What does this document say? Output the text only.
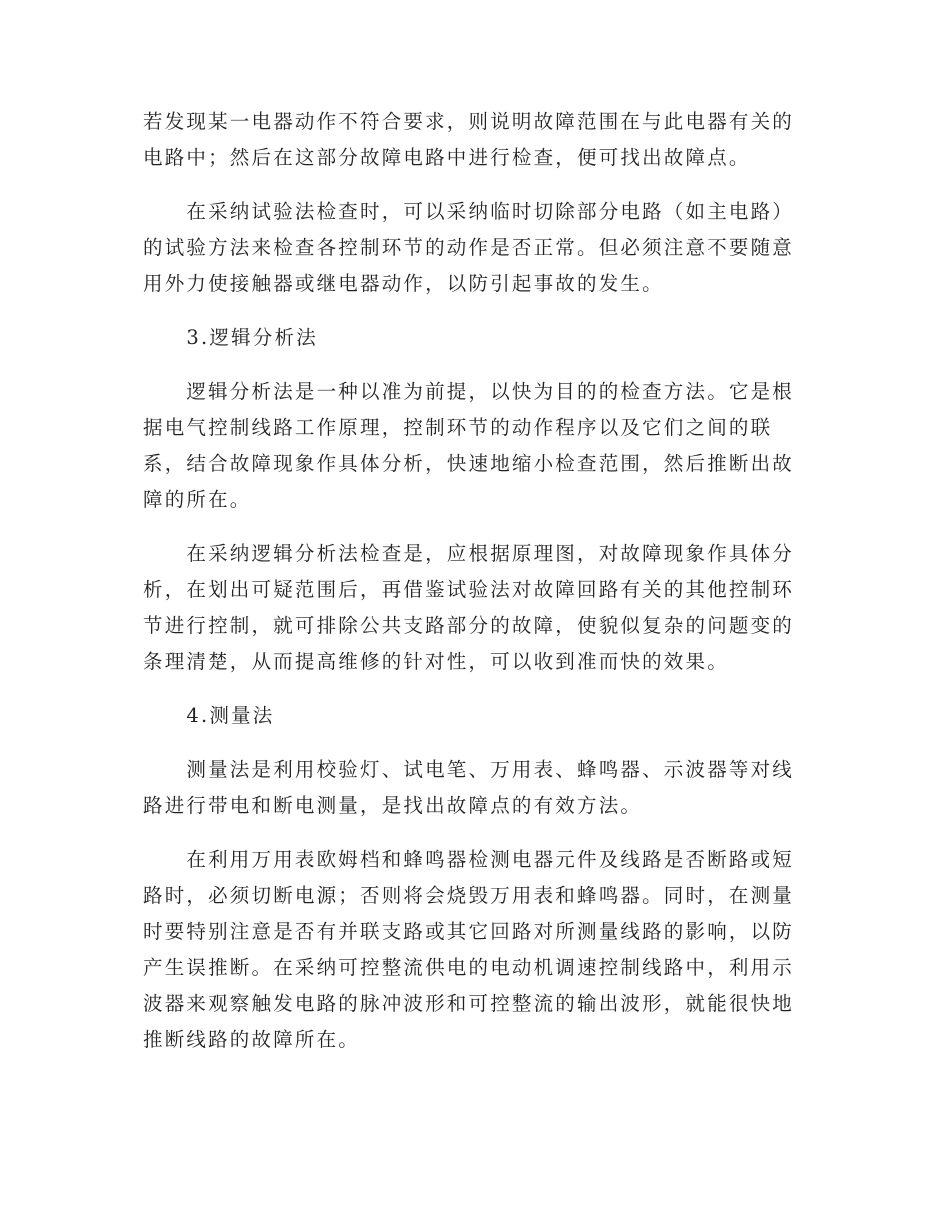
若发现某一电器动作不符合要求，则说明故障范围在与此电器有关的
电路中；然后在这部分故障电路中进行检查，便可找出故障点。

　　在采纳试验法检查时，可以采纳临时切除部分电路（如主电路）
的试验方法来检查各控制环节的动作是否正常。但必须注意不要随意
用外力使接触器或继电器动作，以防引起事故的发生。

　　3.逻辑分析法

　　逻辑分析法是一种以准为前提，以快为目的的检查方法。它是根
据电气控制线路工作原理，控制环节的动作程序以及它们之间的联
系，结合故障现象作具体分析，快速地缩小检查范围，然后推断出故
障的所在。

　　在采纳逻辑分析法检查是，应根据原理图，对故障现象作具体分
析，在划出可疑范围后，再借鉴试验法对故障回路有关的其他控制环
节进行控制，就可排除公共支路部分的故障，使貌似复杂的问题变的
条理清楚，从而提高维修的针对性，可以收到准而快的效果。

　　4.测量法

　　测量法是利用校验灯、试电笔、万用表、蜂鸣器、示波器等对线
路进行带电和断电测量，是找出故障点的有效方法。

　　在利用万用表欧姆档和蜂鸣器检测电器元件及线路是否断路或短
路时，必须切断电源；否则将会烧毁万用表和蜂鸣器。同时，在测量
时要特别注意是否有并联支路或其它回路对所测量线路的影响，以防
产生误推断。在采纳可控整流供电的电动机调速控制线路中，利用示
波器来观察触发电路的脉冲波形和可控整流的输出波形，就能很快地
推断线路的故障所在。
